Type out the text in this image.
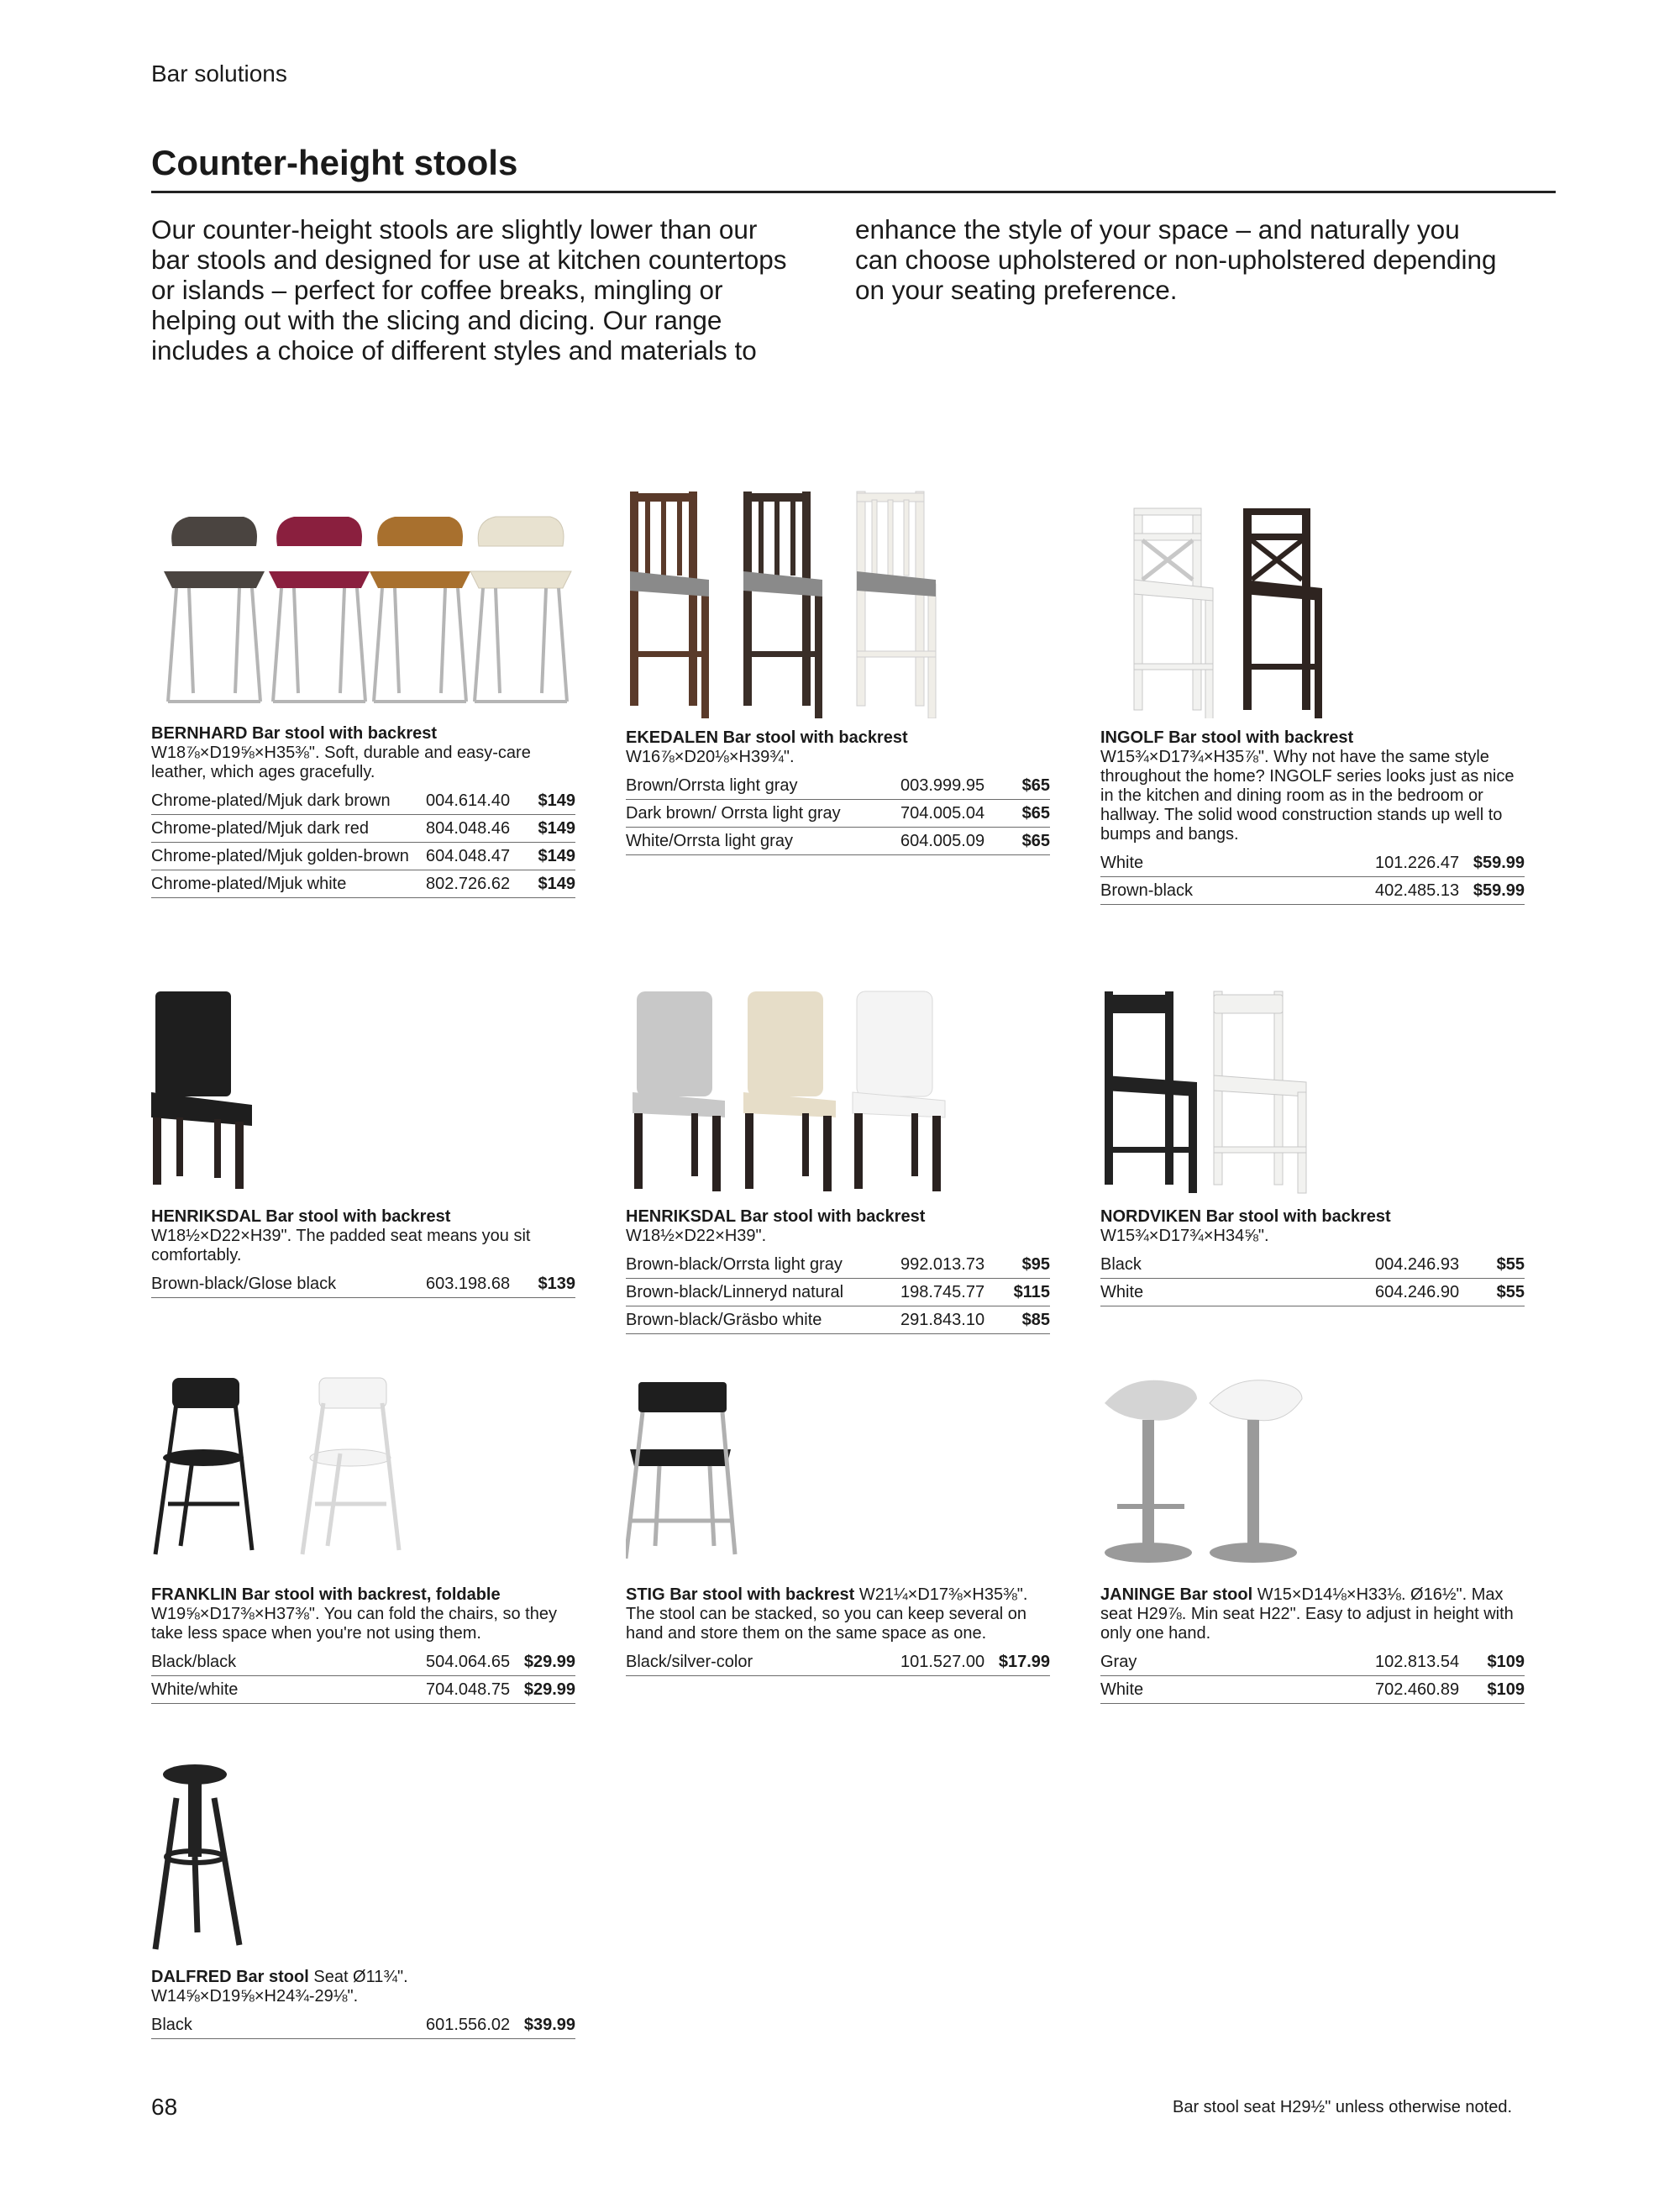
Bar solutions
Counter-height stools

Our counter-height stools are slightly lower than our bar stools and designed for use at kitchen countertops or islands – perfect for coffee breaks, mingling or helping out with the slicing and dicing. Our range includes a choice of different styles and materials to

enhance the style of your space – and naturally you can choose upholstered or non-upholstered depending on your seating preference.

BERNHARD Bar stool with backrest
W18⅞×D19⅝×H35⅜". Soft, durable and easy-care leather, which ages gracefully.
Chrome-plated/Mjuk dark brown	004.614.40	$149
Chrome-plated/Mjuk dark red	804.048.46	$149
Chrome-plated/Mjuk golden-brown	604.048.47	$149
Chrome-plated/Mjuk white	802.726.62	$149
EKEDALEN Bar stool with backrest
W16⅞×D20⅛×H39¾".
Brown/Orrsta light gray	003.999.95	$65
Dark brown/ Orrsta light gray	704.005.04	$65
White/Orrsta light gray	604.005.09	$65
INGOLF Bar stool with backrest
W15¾×D17¾×H35⅞". Why not have the same style throughout the home? INGOLF series looks just as nice in the kitchen and dining room as in the bedroom or hallway. The solid wood construction stands up well to bumps and bangs.
White	101.226.47 $59.99
Brown-black	402.485.13 $59.99
HENRIKSDAL Bar stool with backrest
W18½×D22×H39". The padded seat means you sit comfortably.
Brown-black/Glose black	603.198.68	$139
HENRIKSDAL Bar stool with backrest
W18½×D22×H39".
Brown-black/Orrsta light gray	992.013.73	$95
Brown-black/Linneryd natural	198.745.77	$115
Brown-black/Gräsbo white	291.843.10	$85
NORDVIKEN Bar stool with backrest
W15¾×D17¾×H34⅝".
Black	004.246.93	$55
White	604.246.90	$55
FRANKLIN Bar stool with backrest, foldable
W19⅝×D17⅜×H37⅜". You can fold the chairs, so they take less space when you're not using them.
Black/black	504.064.65 $29.99
White/white	704.048.75 $29.99
STIG Bar stool with backrest W21¼×D17⅜×H35⅜". The stool can be stacked, so you can keep several on hand and store them on the same space as one.
Black/silver-color	101.527.00 $17.99
JANINGE Bar stool W15×D14⅛×H33⅛. Ø16½". Max seat H29⅞. Min seat H22". Easy to adjust in height with only one hand.
Gray	102.813.54	$109
White	702.460.89	$109
DALFRED Bar stool Seat Ø11¾". W14⅝×D19⅝×H24¾-29⅛".
Black	601.556.02 $39.99
68	Bar stool seat H29½" unless otherwise noted.
